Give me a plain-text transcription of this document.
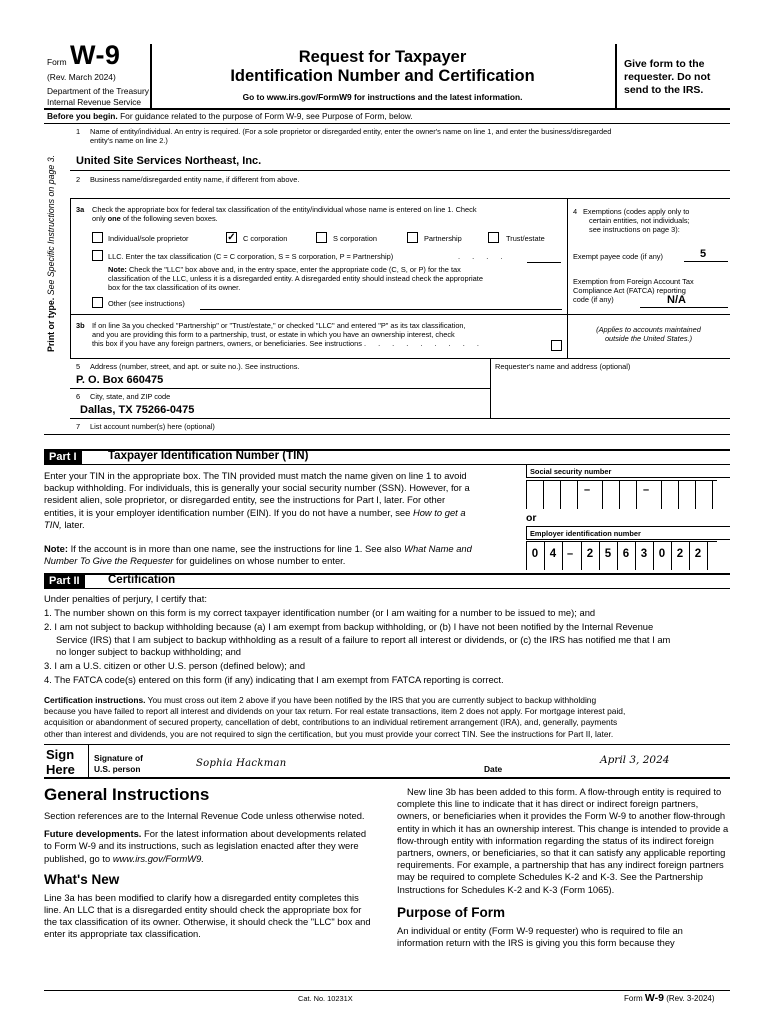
Form W-9
(Rev. March 2024)
Department of the Treasury
Internal Revenue Service
Request for Taxpayer
Identification Number and Certification
Go to www.irs.gov/FormW9 for instructions and the latest information.
Give form to the
requester. Do not
send to the IRS.
Before you begin. For guidance related to the purpose of Form W-9, see Purpose of Form, below.
Print or type. See Specific Instructions on page 3.
1 Name of entity/individual. An entry is required. (For a sole proprietor or disregarded entity, enter the owner's name on line 1, and enter the business/disregarded
entity's name on line 2.)
United Site Services Northeast, Inc.
2 Business name/disregarded entity name, if different from above.
3a Check the appropriate box for federal tax classification of the entity/individual whose name is entered on line 1. Check
only one of the following seven boxes.
Individual/sole proprietor	✓ C corporation	S corporation	Partnership	Trust/estate
LLC. Enter the tax classification (C = C corporation, S = S corporation, P = Partnership)	. . . .
Note: Check the "LLC" box above and, in the entry space, enter the appropriate code (C, S, or P) for the tax
classification of the LLC, unless it is a disregarded entity. A disregarded entity should instead check the appropriate
box for the tax classification of its owner.
Other (see instructions)
3b If on line 3a you checked "Partnership" or "Trust/estate," or checked "LLC" and entered "P" as its tax classification,
and you are providing this form to a partnership, trust, or estate in which you have an ownership interest, check
this box if you have any foreign partners, owners, or beneficiaries. See instructions . . . . . . . . .
4 Exemptions (codes apply only to
certain entities, not individuals;
see instructions on page 3):
Exempt payee code (if any)	5
Exemption from Foreign Account Tax
Compliance Act (FATCA) reporting
code (if any)	N/A
(Applies to accounts maintained
outside the United States.)
5 Address (number, street, and apt. or suite no.). See instructions.
P. O. Box 660475
Requester's name and address (optional)
6 City, state, and ZIP code
Dallas, TX 75266-0475
7 List account number(s) here (optional)
Part I	Taxpayer Identification Number (TIN)
Enter your TIN in the appropriate box. The TIN provided must match the name given on line 1 to avoid
backup withholding. For individuals, this is generally your social security number (SSN). However, for a
resident alien, sole proprietor, or disregarded entity, see the instructions for Part I, later. For other
entities, it is your employer identification number (EIN). If you do not have a number, see How to get a
TIN, later.
Note: If the account is in more than one name, see the instructions for line 1. See also What Name and
Number To Give the Requester for guidelines on whose number to enter.
Social security number
–	–
or
Employer identification number
0	4 –	2	5	6	3	0	2	2
Part II	Certification
Under penalties of perjury, I certify that:
1. The number shown on this form is my correct taxpayer identification number (or I am waiting for a number to be issued to me); and
2. I am not subject to backup withholding because (a) I am exempt from backup withholding, or (b) I have not been notified by the Internal Revenue
Service (IRS) that I am subject to backup withholding as a result of a failure to report all interest or dividends, or (c) the IRS has notified me that I am
no longer subject to backup withholding; and
3. I am a U.S. citizen or other U.S. person (defined below); and
4. The FATCA code(s) entered on this form (if any) indicating that I am exempt from FATCA reporting is correct.
Certification instructions. You must cross out item 2 above if you have been notified by the IRS that you are currently subject to backup withholding
because you have failed to report all interest and dividends on your tax return. For real estate transactions, item 2 does not apply. For mortgage interest paid,
acquisition or abandonment of secured property, cancellation of debt, contributions to an individual retirement arrangement (IRA), and, generally, payments
other than interest and dividends, you are not required to sign the certification, but you must provide your correct TIN. See the instructions for Part II, later.
Sign
Here
Signature of
U.S. person	Sophia Hackman	Date
April 3, 2024
General Instructions

Section references are to the Internal Revenue Code unless otherwise noted.

Future developments. For the latest information about developments related to Form W-9 and its instructions, such as legislation enacted after they were published, go to www.irs.gov/FormW9.

What's New

Line 3a has been modified to clarify how a disregarded entity completes this line. An LLC that is a disregarded entity should check the appropriate box for the tax classification of its owner. Otherwise, it should check the "LLC" box and enter its appropriate tax classification.

New line 3b has been added to this form. A flow-through entity is required to complete this line to indicate that it has direct or indirect foreign partners, owners, or beneficiaries when it provides the Form W-9 to another flow-through entity in which it has an ownership interest. This change is intended to provide a flow-through entity with information regarding the status of its indirect foreign partners, owners, or beneficiaries, so that it can satisfy any applicable reporting requirements. For example, a partnership that has any indirect foreign partners may be required to complete Schedules K-2 and K-3. See the Partnership Instructions for Schedules K-2 and K-3 (Form 1065).

Purpose of Form

An individual or entity (Form W-9 requester) who is required to file an information return with the IRS is giving you this form because they

Cat. No. 10231X	Form W-9 (Rev. 3-2024)
